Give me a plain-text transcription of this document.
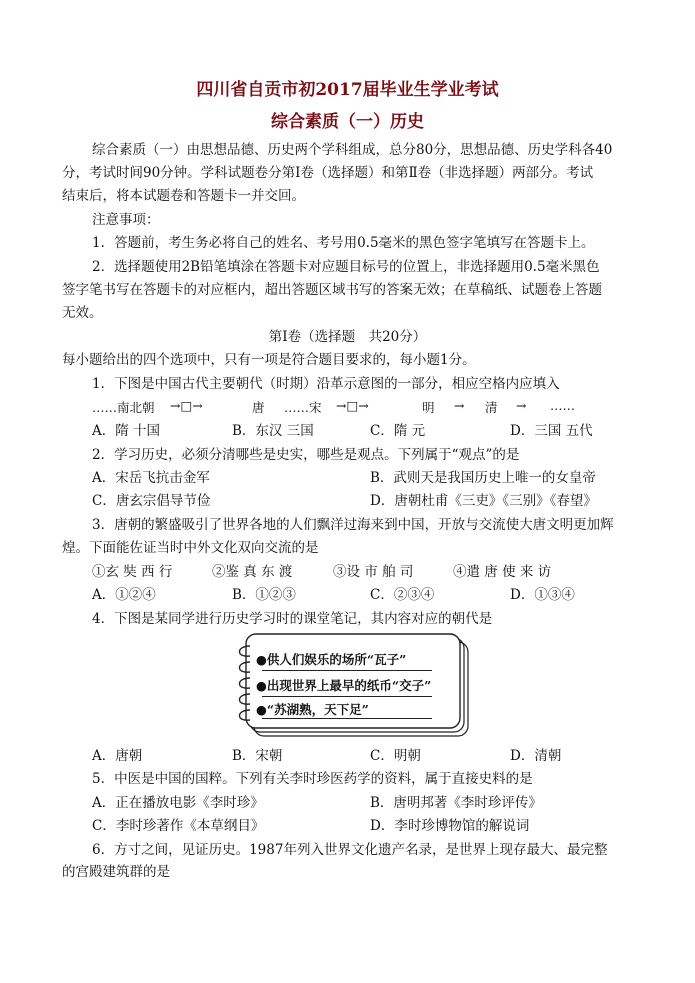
四川省自贡市初2017届毕业生学业考试
综合素质（一）历史
综合素质（一）由思想品德、历史两个学科组成，总分80分，思想品德、历史学科各40
分，考试时间90分钟。学科试题卷分第Ⅰ卷（选择题）和第Ⅱ卷（非选择题）两部分。考试
结束后，将本试题卷和答题卡一并交回。
注意事项：
1．答题前，考生务必将自己的姓名、考号用0.5毫米的黑色签字笔填写在答题卡上。
2．选择题使用2B铅笔填涂在答题卡对应题目标号的位置上，非选择题用0.5毫米黑色
签字笔书写在答题卡的对应框内，超出答题区域书写的答案无效；在草稿纸、试题卷上答题
无效。
第Ⅰ卷（选择题　共20分）
每小题给出的四个选项中，只有一项是符合题目要求的，每小题1分。
1．下图是中国古代主要朝代（时期）沿革示意图的一部分，相应空格内应填入
……南北朝 →□→	唐 ……宋 →□→	明 → 清 → ……
A．隋 十国	B．东汉 三国	C．隋 元	D．三国 五代
2．学习历史，必须分清哪些是史实，哪些是观点。下列属于“观点”的是
A．宋岳飞抗击金军	B．武则天是我国历史上唯一的女皇帝
C．唐玄宗倡导节俭	D．唐朝杜甫《三吏》《三别》《春望》
3．唐朝的繁盛吸引了世界各地的人们飘洋过海来到中国，开放与交流使大唐文明更加辉
煌。下面能佐证当时中外文化双向交流的是
①玄 奘 西 行	②鉴 真 东 渡	③设 市 舶 司	④遣 唐 使 来 访
A．①②④	B．①②③	C．②③④	D．①③④
4．下图是某同学进行历史学习时的课堂笔记，其内容对应的朝代是
●供人们娱乐的场所“瓦子”
●出现世界上最早的纸币“交子”
●“苏湖熟，天下足”
A．唐朝	B．宋朝	C．明朝	D．清朝
5．中医是中国的国粹。下列有关李时珍医药学的资料，属于直接史料的是
A．正在播放电影《李时珍》	B．唐明邦著《李时珍评传》
C．李时珍著作《本草纲目》	D．李时珍博物馆的解说词
6．方寸之间，见证历史。1987年列入世界文化遗产名录，是世界上现存最大、最完整
的宫殿建筑群的是
